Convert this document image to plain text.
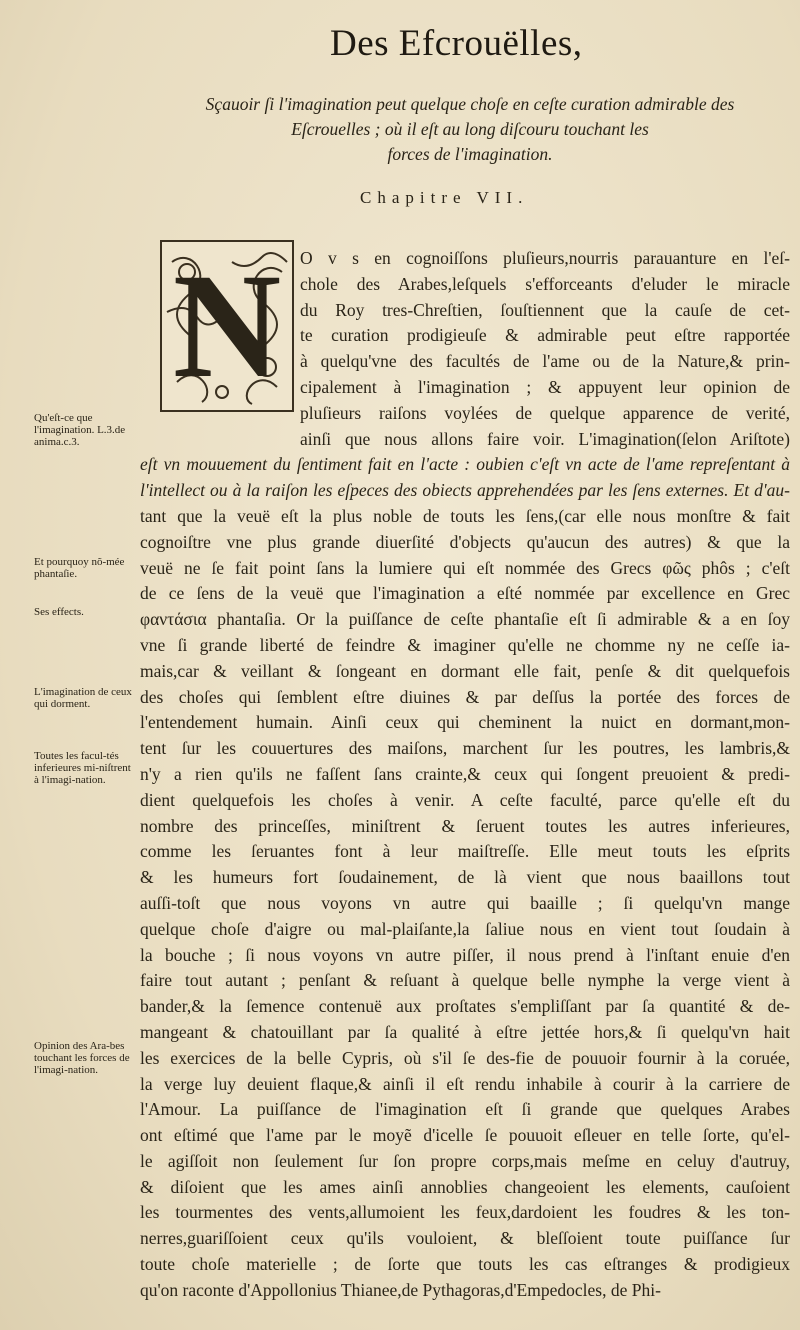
Des Efcrouëlles,
Sçauoir ſi l'imagination peut quelque choſe en ceſte curation admirable des
Eſcrouelles ; où il eſt au long diſcouru touchant les
forces de l'imagination.
Chapitre VII.
N	O v s en cognoiſſons pluſieurs,nourris parauanture en l'eſ-
chole des Arabes,leſquels s'efforceants d'eluder le miracle
du Roy tres-Chreſtien, ſouſtiennent que la cauſe de cet-
te curation prodigieuſe & admirable peut eſtre rapportée
à quelqu'vne des facultés de l'ame ou de la Nature,& prin-
cipalement à l'imagination ; & appuyent leur opinion de
pluſieurs raiſons voylées de quelque apparence de verité,
ainſi que nous allons faire voir. L'imagination(ſelon Ariſtote)
eſt vn mouuement du ſentiment fait en l'acte : oubien c'eſt vn acte de l'ame repreſentant à
l'intellect ou à la raiſon les eſpeces des obiects apprehendées par les ſens externes. Et d'au-
tant que la veuë eſt la plus noble de touts les ſens,(car elle nous monſtre & fait
cognoiſtre vne plus grande diuerſité d'objects qu'aucun des autres) & que la
veuë ne ſe fait point ſans la lumiere qui eſt nommée des Grecs φῶς phôs ; c'eſt
de ce ſens de la veuë que l'imagination a eſté nommée par excellence en Grec
φαντάσια phantaſia. Or la puiſſance de ceſte phantaſie eſt ſi admirable & a en ſoy
vne ſi grande liberté de feindre & imaginer qu'elle ne chomme ny ne ceſſe ia-
mais,car & veillant & ſongeant en dormant elle fait, penſe & dit quelquefois
des choſes qui ſemblent eſtre diuines & par deſſus la portée des forces de
l'entendement humain. Ainſi ceux qui cheminent la nuict en dormant,mon-
tent ſur les couuertures des maiſons, marchent ſur les poutres, les lambris,&
n'y a rien qu'ils ne faſſent ſans crainte,& ceux qui ſongent preuoient & predi-
dient quelquefois les choſes à venir. A ceſte faculté, parce qu'elle eſt du
nombre des princeſſes, miniſtrent & ſeruent toutes les autres inferieures,
comme les ſeruantes font à leur maiſtreſſe. Elle meut touts les eſprits
& les humeurs fort ſoudainement, de là vient que nous baaillons tout
auſſi-toſt que nous voyons vn autre qui baaille ; ſi quelqu'vn mange
quelque choſe d'aigre ou mal-plaiſante,la ſaliue nous en vient tout ſoudain à
la bouche ; ſi nous voyons vn autre piſſer, il nous prend à l'inſtant enuie d'en
faire tout autant ; penſant & reſuant à quelque belle nymphe la verge vient à
bander,& la ſemence contenuë aux proſtates s'empliſſant par ſa quantité & de-
mangeant & chatouillant par ſa qualité à eſtre jettée hors,& ſi quelqu'vn hait
les exercices de la belle Cypris, où s'il ſe des-fie de pouuoir fournir à la coruée,
la verge luy deuient flaque,& ainſi il eſt rendu inhabile à courir à la carriere de
l'Amour. La puiſſance de l'imagination eſt ſi grande que quelques Arabes
ont eſtimé que l'ame par le moyẽ d'icelle ſe pouuoit eſleuer en telle ſorte, qu'el-
le agiſſoit non ſeulement ſur ſon propre corps,mais meſme en celuy d'autruy,
& diſoient que les ames ainſi annoblies changeoient les elements, cauſoient
les tourmentes des vents,allumoient les feux,dardoient les foudres & les ton-
nerres,guariſſoient ceux qu'ils vouloient, & bleſſoient toute puiſſance ſur
toute choſe materielle ; de ſorte que touts les cas eſtranges & prodigieux
qu'on raconte d'Appollonius Thianee,de Pythagoras,d'Empedocles, de Phi-
Qu'eſt-ce que l'imagination. L.3.de anima.c.3.
Et pourquoy nõ-mée phantaſie.
Ses effects.
L'imagination de ceux qui dorment.
Toutes les facul-tés inferieures mi-niſtrent à l'imagi-nation.
Opinion des Ara-bes touchant les forces de l'imagi-nation.
